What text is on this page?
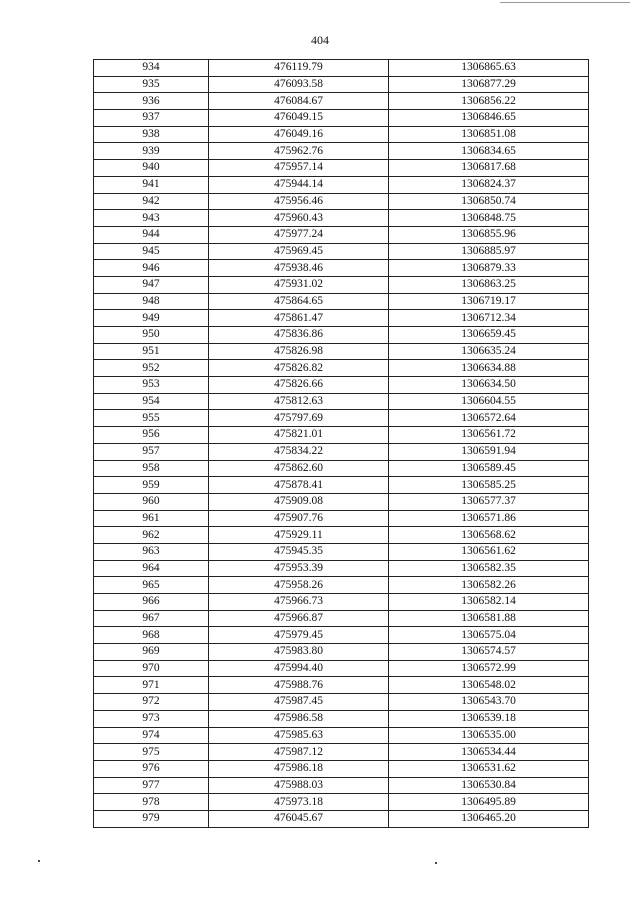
404
934	476119.79	1306865.63
935	476093.58	1306877.29
936	476084.67	1306856.22
937	476049.15	1306846.65
938	476049.16	1306851.08
939	475962.76	1306834.65
940	475957.14	1306817.68
941	475944.14	1306824.37
942	475956.46	1306850.74
943	475960.43	1306848.75
944	475977.24	1306855.96
945	475969.45	1306885.97
946	475938.46	1306879.33
947	475931.02	1306863.25
948	475864.65	1306719.17
949	475861.47	1306712.34
950	475836.86	1306659.45
951	475826.98	1306635.24
952	475826.82	1306634.88
953	475826.66	1306634.50
954	475812.63	1306604.55
955	475797.69	1306572.64
956	475821.01	1306561.72
957	475834.22	1306591.94
958	475862.60	1306589.45
959	475878.41	1306585.25
960	475909.08	1306577.37
961	475907.76	1306571.86
962	475929.11	1306568.62
963	475945.35	1306561.62
964	475953.39	1306582.35
965	475958.26	1306582.26
966	475966.73	1306582.14
967	475966.87	1306581.88
968	475979.45	1306575.04
969	475983.80	1306574.57
970	475994.40	1306572.99
971	475988.76	1306548.02
972	475987.45	1306543.70
973	475986.58	1306539.18
974	475985.63	1306535.00
975	475987.12	1306534.44
976	475986.18	1306531.62
977	475988.03	1306530.84
978	475973.18	1306495.89
979	476045.67	1306465.20
